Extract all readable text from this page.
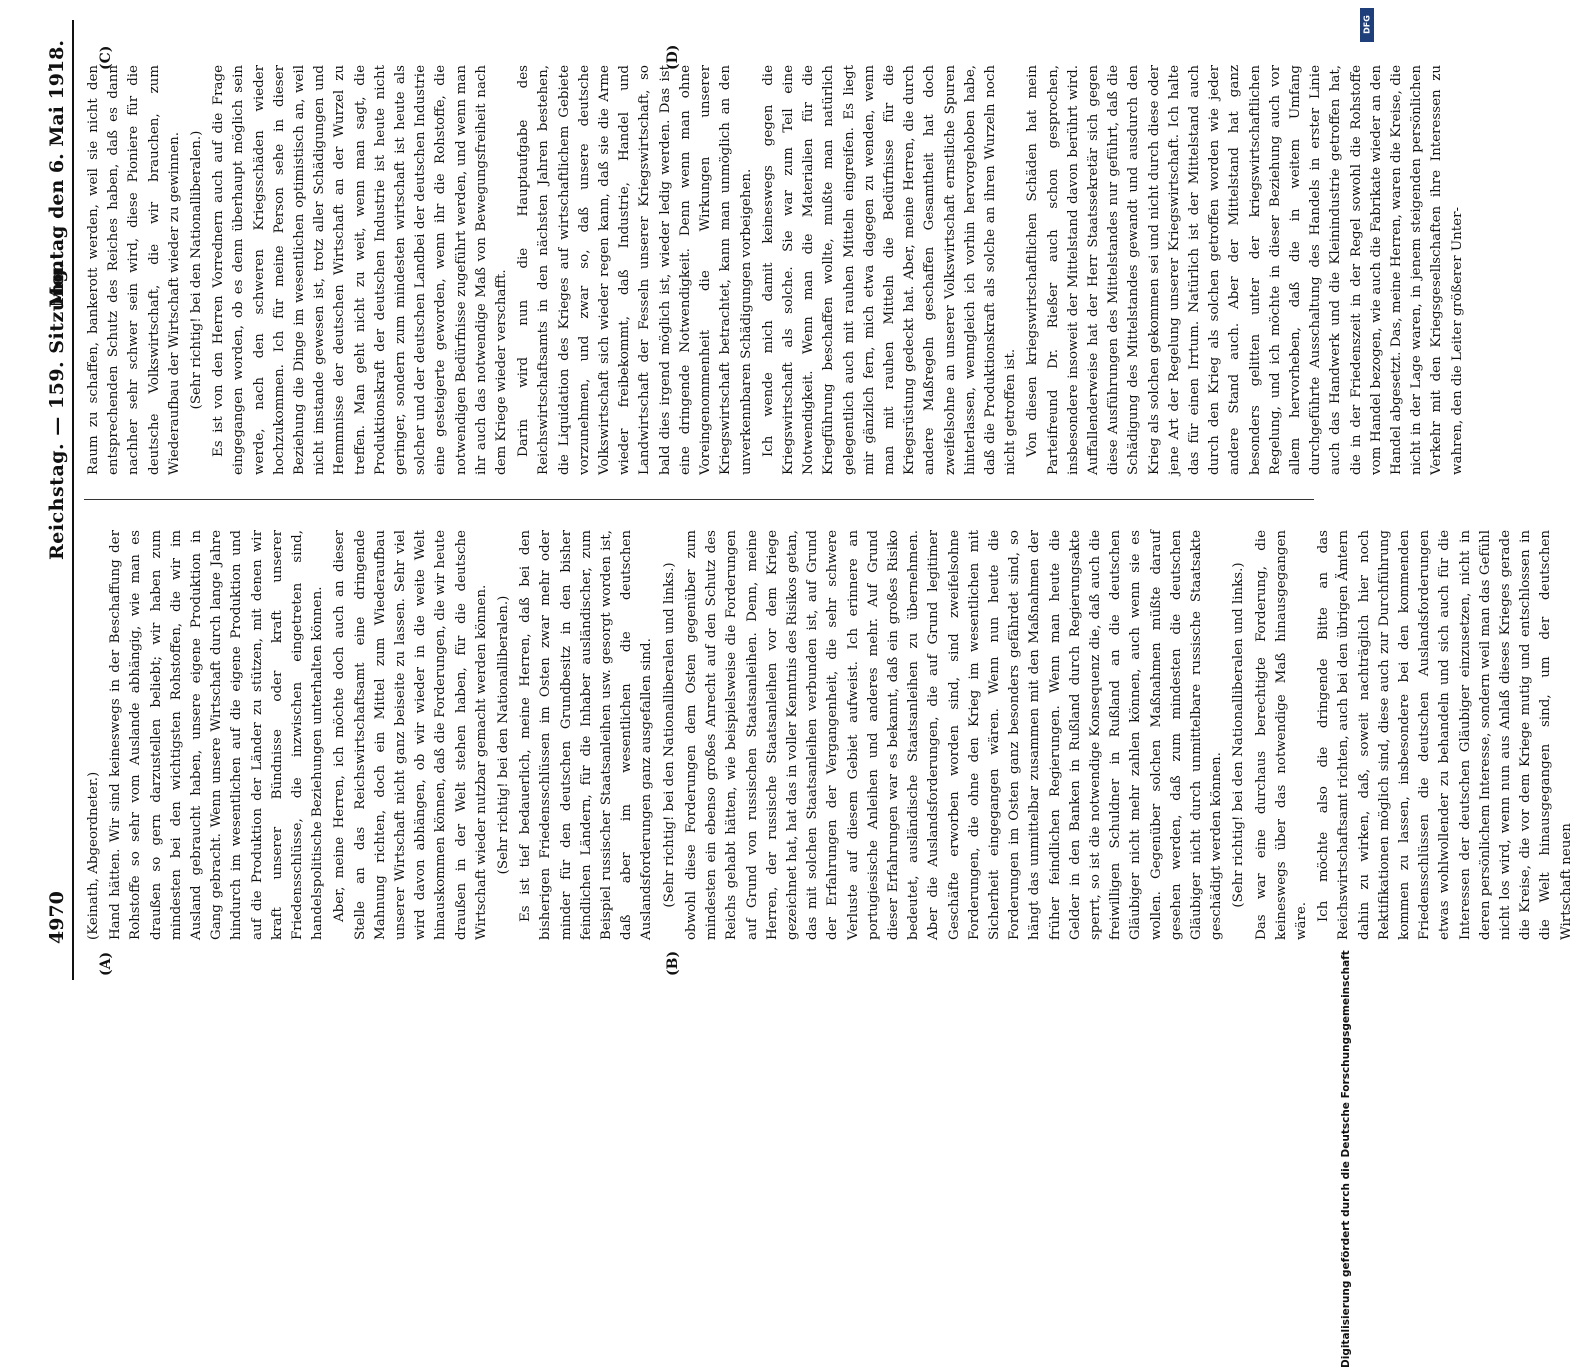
4970
Reichstag. — 159. Sitzung.
Montag den 6. Mai 1918.
(A)	(B)
(C)	(D)

(Keinath, Abgeordneter.) Hand hätten. Wir sind keineswegs in der Beschaffung der Rohstoffe so sehr vom Auslande abhängig, wie man es draußen so gern darzustellen beliebt; wir haben zum mindesten bei den wichtigsten Rohstoffen, die wir im Ausland gebraucht haben, unsere eigene Produktion in Gang gebracht. Wenn unsere Wirtschaft durch lange Jahre hindurch im wesentlichen auf die eigene Produktion und auf die Produktion der Länder zu stützen, mit denen wir kraft unserer Bündnisse oder kraft unserer Friedensschlüsse, die inzwischen eingetreten sind, handelspolitische Beziehungen unterhalten können. Aber, meine Herren, ich möchte doch auch an dieser Stelle an das Reichswirtschaftsamt eine dringende Mahnung richten, doch ein Mittel zum Wiederaufbau unserer Wirtschaft nicht ganz beiseite zu lassen. Sehr viel wird davon abhängen, ob wir wieder in die weite Welt hinauskommen können, daß die Forderungen, die wir heute draußen in der Welt stehen haben, für die deutsche Wirtschaft wieder nutzbar gemacht werden können. (Sehr richtig! bei den Nationalliberalen.) Es ist tief bedauerlich, meine Herren, daß bei den bisherigen Friedensschlüssen im Osten zwar mehr oder minder für den deutschen Grundbesitz in den bisher feindlichen Ländern, für die Inhaber ausländischer, zum Beispiel russischer Staatsanleihen usw. gesorgt worden ist, daß aber im wesentlichen die deutschen Auslandsforderungen ganz ausgefallen sind. (Sehr richtig! bei den Nationalliberalen und links.) obwohl diese Forderungen dem Osten gegenüber zum mindesten ein ebenso großes Anrecht auf den Schutz des Reichs gehabt hätten, wie beispielsweise die Forderungen auf Grund von russischen Staatsanleihen. Denn, meine Herren, der russische Staatsanleihen vor dem Kriege gezeichnet hat, hat das in voller Kenntnis des Risikos getan, das mit solchen Staatsanleihen verbunden ist, auf Grund der Erfahrungen der Vergangenheit, die sehr schwere Verluste auf diesem Gebiet aufweist. Ich erinnere an portugiesische Anleihen und anderes mehr. Auf Grund dieser Erfahrungen war es bekannt, daß ein großes Risiko bedeutet, ausländische Staatsanleihen zu übernehmen. Aber die Auslandsforderungen, die auf Grund legitimer Geschäfte erworben worden sind, sind zweifelsohne Forderungen, die ohne den Krieg im wesentlichen mit Sicherheit eingegangen wären. Wenn nun heute die Forderungen im Osten ganz besonders gefährdet sind, so hängt das unmittelbar zusammen mit den Maßnahmen der früher feindlichen Regierungen. Wenn man heute die Gelder in den Banken in Rußland durch Regierungsakte sperrt, so ist die notwendige Konsequenz die, daß auch die freiwilligen Schuldner in Rußland an die deutschen Gläubiger nicht mehr zahlen können, auch wenn sie es wollen. Gegenüber solchen Maßnahmen müßte darauf gesehen werden, daß zum mindesten die deutschen Gläubiger nicht durch unmittelbare russische Staatsakte geschädigt werden können. (Sehr richtig! bei den Nationalliberalen und links.) Das war eine durchaus berechtigte Forderung, die keineswegs über das notwendige Maß hinausgegangen wäre. Ich möchte also die dringende Bitte an das Reichswirtschaftsamt richten, auch bei den übrigen Ämtern dahin zu wirken, daß, soweit nachträglich hier noch Rektifikationen möglich sind, diese auch zur Durchführung kommen zu lassen, insbesondere bei den kommenden Friedensschlüssen die deutschen Auslandsforderungen etwas wohlwollender zu behandeln und sich auch für die Interessen der deutschen Gläubiger einzusetzen, nicht in deren persönlichem Interesse, sondern weil man das Gefühl nicht los wird, wenn nun aus Anlaß dieses Krieges gerade die Kreise, die vor dem Kriege mutig und entschlossen in die Welt hinausgegangen sind, um der deutschen Wirtschaft neuen

Raum zu schaffen, bankerott werden, weil sie nicht den entsprechenden Schutz des Reiches haben, daß es dann nachher sehr schwer sein wird, diese Pioniere für die deutsche Volkswirtschaft, die wir brauchen, zum Wiederaufbau der Wirtschaft wieder zu gewinnen. (Sehr richtig! bei den Nationalliberalen.) Es ist von den Herren Vorrednern auch auf die Frage eingegangen worden, ob es denn überhaupt möglich sein werde, nach den schweren Kriegsschäden wieder hochzukommen. Ich für meine Person sehe in dieser Beziehung die Dinge im wesentlichen optimistisch an, weil nicht imstande gewesen ist, trotz aller Schädigungen und Hemmnisse der deutschen Wirtschaft an der Wurzel zu treffen. Man geht nicht zu weit, wenn man sagt, die Produktionskraft der deutschen Industrie ist heute nicht geringer, sondern zum mindesten wirtschaft ist heute als solcher und der deutschen Landbei der deutschen Industrie eine gesteigerte geworden, wenn ihr die Rohstoffe, die notwendigen Bedürfnisse zugeführt werden, und wenn man ihr auch das notwendige Maß von Bewegungsfreiheit nach dem Kriege wieder verschafft. Darin wird nun die Hauptaufgabe des Reichswirtschaftsamts in den nächsten Jahren bestehen, die Liquidation des Krieges auf wirtschaftlichem Gebiete vorzunehmen, und zwar so, daß unsere deutsche Volkswirtschaft sich wieder regen kann, daß sie die Arme wieder freibekommt, daß Industrie, Handel und Landwirtschaft der Fesseln unserer Kriegswirtschaft, so bald dies irgend möglich ist, wieder ledig werden. Das ist eine dringende Notwendigkeit. Denn wenn man ohne Voreingenommenheit die Wirkungen unserer Kriegswirtschaft betrachtet, kann man unmöglich an den unverkennbaren Schädigungen vorbeigehen. Ich wende mich damit keineswegs gegen die Kriegswirtschaft als solche. Sie war zum Teil eine Notwendigkeit. Wenn man die Materialien für die Kriegführung beschaffen wollte, mußte man natürlich gelegentlich auch mit rauhen Mitteln eingreifen. Es liegt mir gänzlich fern, mich etwa dagegen zu wenden, wenn man mit rauhen Mitteln die Bedürfnisse für die Kriegsrüstung gedeckt hat. Aber, meine Herren, die durch andere Maßregeln geschaffen Gesamtheit hat doch zweifelsohne an unserer Volkswirtschaft ernstliche Spuren hinterlassen, wenngleich ich vorhin hervorgehoben habe, daß die Produktionskraft als solche an ihren Wurzeln noch nicht getroffen ist. Von diesen kriegswirtschaftlichen Schäden hat mein Parteifreund Dr. Rießer auch schon gesprochen, insbesondere insoweit der Mittelstand davon berührt wird. Auffallenderweise hat der Herr Staatssekretär sich gegen diese Ausführungen des Mittelstandes nur geführt, daß die Schädigung des Mittelstandes gewandt und ausdurch den Krieg als solchen gekommen sei und nicht durch diese oder jene Art der Regelung unserer Kriegswirtschaft. Ich halte das für einen Irrtum. Natürlich ist der Mittelstand auch durch den Krieg als solchen getroffen worden wie jeder andere Stand auch. Aber der Mittelstand hat ganz besonders gelitten unter der kriegswirtschaftlichen Regelung, und ich möchte in dieser Beziehung auch vor allem hervorheben, daß die in weitem Umfang durchgeführte Ausschaltung des Handels in erster Linie auch das Handwerk und die Kleinindustrie getroffen hat, die in der Friedenszeit in der Regel sowohl die Rohstoffe vom Handel bezogen, wie auch die Fabrikate wieder an den Handel abgesetzt. Das, meine Herren, waren die Kreise, die nicht in der Lage waren, in jenem steigenden persönlichen Verkehr mit den Kriegsgesellschaften ihre Interessen zu wahren, den die Leiter größerer Unter-

Digitalisierung gefördert durch die Deutsche Forschungsgemeinschaft
DFG
